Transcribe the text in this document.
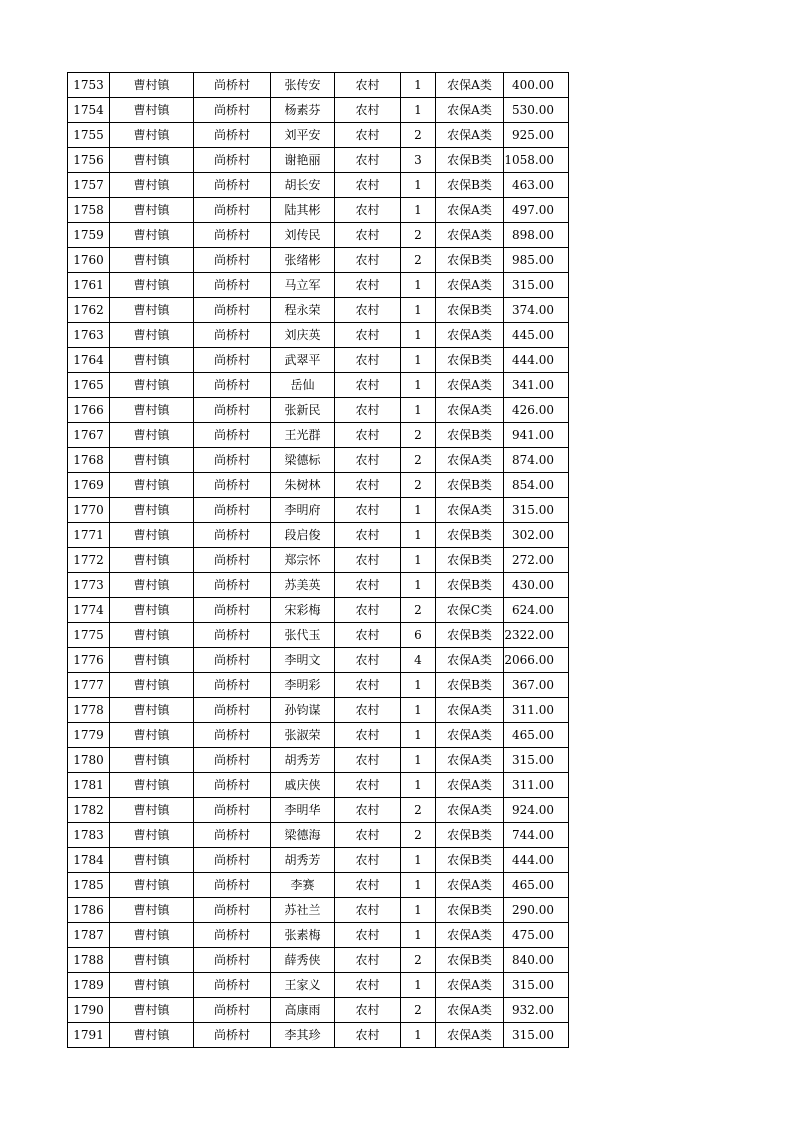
1753	曹村镇	尚桥村	张传安	农村	1	农保A类	400.00
1754	曹村镇	尚桥村	杨素芬	农村	1	农保A类	530.00
1755	曹村镇	尚桥村	刘平安	农村	2	农保A类	925.00
1756	曹村镇	尚桥村	谢艳丽	农村	3	农保B类	1058.00
1757	曹村镇	尚桥村	胡长安	农村	1	农保B类	463.00
1758	曹村镇	尚桥村	陆其彬	农村	1	农保A类	497.00
1759	曹村镇	尚桥村	刘传民	农村	2	农保A类	898.00
1760	曹村镇	尚桥村	张绪彬	农村	2	农保B类	985.00
1761	曹村镇	尚桥村	马立军	农村	1	农保A类	315.00
1762	曹村镇	尚桥村	程永荣	农村	1	农保B类	374.00
1763	曹村镇	尚桥村	刘庆英	农村	1	农保A类	445.00
1764	曹村镇	尚桥村	武翠平	农村	1	农保B类	444.00
1765	曹村镇	尚桥村	岳仙	农村	1	农保A类	341.00
1766	曹村镇	尚桥村	张新民	农村	1	农保A类	426.00
1767	曹村镇	尚桥村	王光群	农村	2	农保B类	941.00
1768	曹村镇	尚桥村	梁德标	农村	2	农保A类	874.00
1769	曹村镇	尚桥村	朱树林	农村	2	农保B类	854.00
1770	曹村镇	尚桥村	李明府	农村	1	农保A类	315.00
1771	曹村镇	尚桥村	段启俊	农村	1	农保B类	302.00
1772	曹村镇	尚桥村	郑宗怀	农村	1	农保B类	272.00
1773	曹村镇	尚桥村	苏美英	农村	1	农保B类	430.00
1774	曹村镇	尚桥村	宋彩梅	农村	2	农保C类	624.00
1775	曹村镇	尚桥村	张代玉	农村	6	农保B类	2322.00
1776	曹村镇	尚桥村	李明文	农村	4	农保A类	2066.00
1777	曹村镇	尚桥村	李明彩	农村	1	农保B类	367.00
1778	曹村镇	尚桥村	孙钧谋	农村	1	农保A类	311.00
1779	曹村镇	尚桥村	张淑荣	农村	1	农保A类	465.00
1780	曹村镇	尚桥村	胡秀芳	农村	1	农保A类	315.00
1781	曹村镇	尚桥村	戚庆侠	农村	1	农保A类	311.00
1782	曹村镇	尚桥村	李明华	农村	2	农保A类	924.00
1783	曹村镇	尚桥村	梁德海	农村	2	农保B类	744.00
1784	曹村镇	尚桥村	胡秀芳	农村	1	农保B类	444.00
1785	曹村镇	尚桥村	李赛	农村	1	农保A类	465.00
1786	曹村镇	尚桥村	苏社兰	农村	1	农保B类	290.00
1787	曹村镇	尚桥村	张素梅	农村	1	农保A类	475.00
1788	曹村镇	尚桥村	薛秀侠	农村	2	农保B类	840.00
1789	曹村镇	尚桥村	王家义	农村	1	农保A类	315.00
1790	曹村镇	尚桥村	高康雨	农村	2	农保A类	932.00
1791	曹村镇	尚桥村	李其珍	农村	1	农保A类	315.00
